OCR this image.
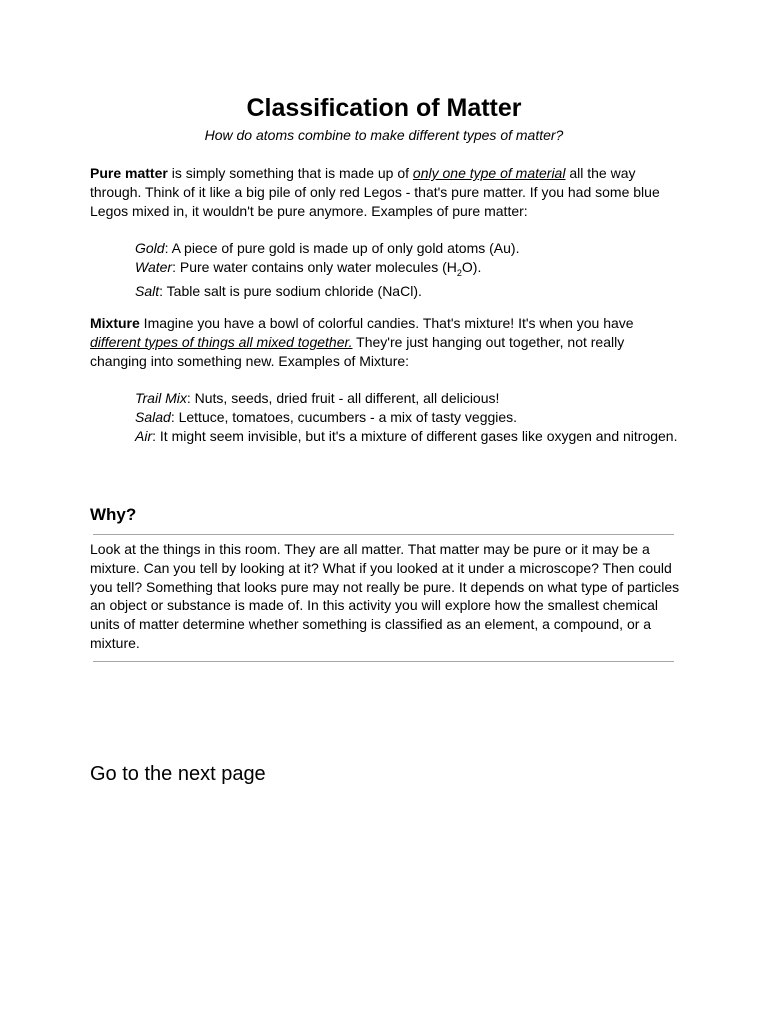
Classification of Matter

How do atoms combine to make different types of matter?

Pure matter is simply something that is made up of only one type of material all the way through. Think of it like a big pile of only red Legos - that's pure matter. If you had some blue Legos mixed in, it wouldn't be pure anymore. Examples of pure matter:

Gold: A piece of pure gold is made up of only gold atoms (Au).
Water: Pure water contains only water molecules $(H_2O)$.
Salt: Table salt is pure sodium chloride (NaCl).

Mixture Imagine you have a bowl of colorful candies. That's mixture! It's when you have different types of things all mixed together. They're just hanging out together, not really changing into something new. Examples of Mixture:

Trail Mix: Nuts, seeds, dried fruit - all different, all delicious!
Salad: Lettuce, tomatoes, cucumbers - a mix of tasty veggies.
Air: It might seem invisible, but it's a mixture of different gases like oxygen and nitrogen.
Why?

Look at the things in this room. They are all matter. That matter may be pure or it may be a mixture. Can you tell by looking at it? What if you looked at it under a microscope? Then could you tell? Something that looks pure may not really be pure. It depends on what type of particles an object or substance is made of. In this activity you will explore how the smallest chemical units of matter determine whether something is classified as an element, a compound, or a mixture.

Go to the next page
